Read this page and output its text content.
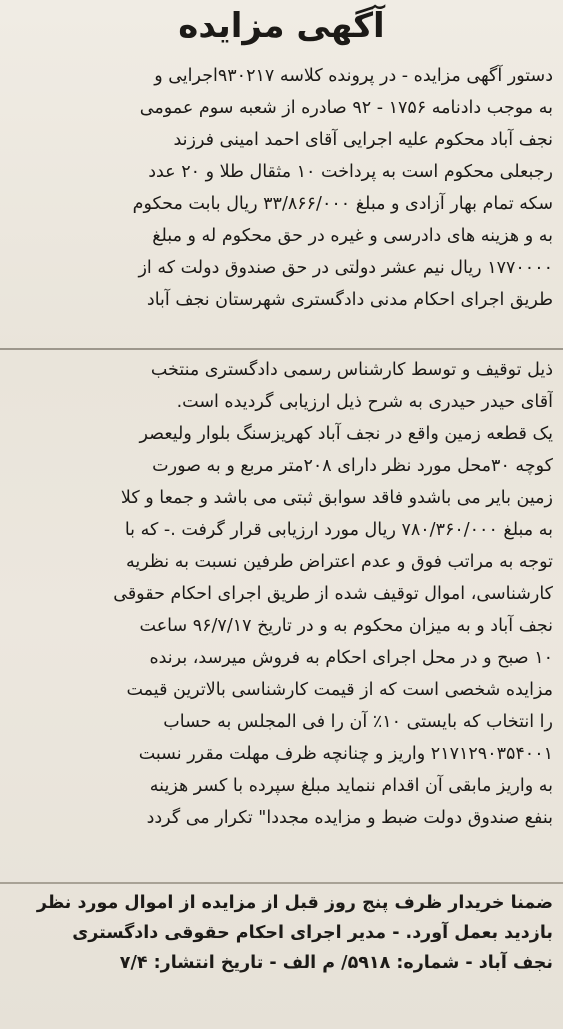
آگهی مزایده
دستور آگهی مزایده - در پرونده کلاسه ۹۳۰۲۱۷اجرایی و
به موجب دادنامه ۱۷۵۶ - ۹۲ صادره از شعبه سوم عمومی
نجف آباد محکوم علیه اجرایی آقای احمد امینی فرزند
رجبعلی محکوم است به پرداخت ۱۰ مثقال طلا و ۲۰ عدد
سکه تمام بهار آزادی و مبلغ ۳۳/۸۶۶/۰۰۰ ریال بابت محکوم
به و هزینه های دادرسی و غیره در حق محکوم له و مبلغ
۱۷۷۰۰۰۰ ریال نیم عشر دولتی در حق صندوق دولت که از
طریق اجرای احکام مدنی دادگستری شهرستان نجف آباد
ذیل توقیف و توسط کارشناس رسمی دادگستری منتخب
آقای حیدر حیدری به شرح ذیل ارزیابی گردیده است.
یک قطعه زمین واقع در نجف آباد کهریزسنگ بلوار ولیعصر
کوچه ۳۰محل مورد نظر دارای ۲۰۸متر مربع و به صورت
زمین بایر می باشدو فاقد سوابق ثبتی می باشد و جمعا و کلا
به مبلغ ۷۸۰/۳۶۰/۰۰۰ ریال مورد ارزیابی قرار گرفت .- که با
توجه به مراتب فوق و عدم اعتراض طرفین نسبت به نظریه
کارشناسی، اموال توقیف شده از طریق اجرای احکام حقوقی
نجف آباد و به میزان محکوم به و در تاریخ ۹۶/۷/۱۷ ساعت
۱۰ صبح و در محل اجرای احکام به فروش میرسد، برنده
مزایده شخصی است که از قیمت کارشناسی بالاترین قیمت
را انتخاب که بایستی ۱۰٪ آن را فی المجلس به حساب
۲۱۷۱۲۹۰۳۵۴۰۰۱ واریز و چنانچه ظرف مهلت مقرر نسبت
به واریز مابقی آن اقدام ننماید مبلغ سپرده با کسر هزینه
بنفع صندوق دولت ضبط و مزایده مجددا" تکرار می گردد
ضمنا خریدار ظرف پنج روز قبل از مزایده از اموال مورد نظر
بازدید بعمل آورد. - مدیر اجرای احکام حقوقی دادگستری
نجف آباد - شماره: ۵۹۱۸/ م الف - تاریخ انتشار: ۷/۴
